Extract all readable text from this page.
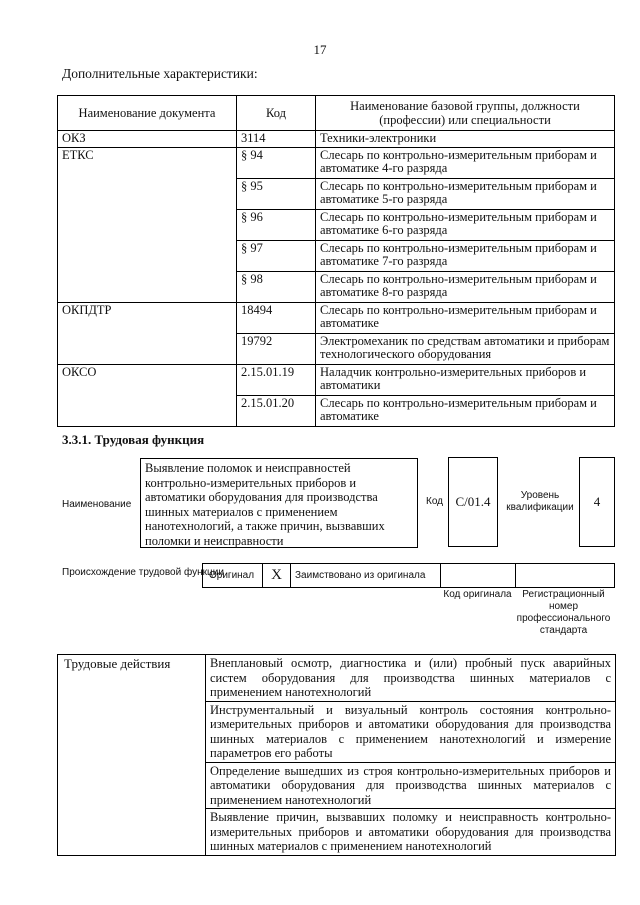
17
Дополнительные характеристики:
Наименование документа	Код	Наименование базовой группы, должности (профессии) или специальности
ОКЗ	3114	Техники-электроники
ЕТКС	§ 94	Слесарь по контрольно-измерительным приборам и автоматике 4-го разряда
	§ 95	Слесарь по контрольно-измерительным приборам и автоматике 5-го разряда
	§ 96	Слесарь по контрольно-измерительным приборам и автоматике 6-го разряда
	§ 97	Слесарь по контрольно-измерительным приборам и автоматике 7-го разряда
	§ 98	Слесарь по контрольно-измерительным приборам и автоматике 8-го разряда
ОКПДТР	18494	Слесарь по контрольно-измерительным приборам и автоматике
	19792	Электромеханик по средствам автоматики и приборам технологического оборудования
ОКСО	2.15.01.19	Наладчик контрольно-измерительных приборов и автоматики
	2.15.01.20	Слесарь по контрольно-измерительным приборам и автоматике
3.3.1. Трудовая функция
Наименование
Выявление поломок и неисправностей контрольно-измерительных приборов и автоматики оборудования для производства шинных материалов с применением нанотехнологий, а также причин, вызвавших поломки и неисправности
Код C/01.4	Уровень квалификации	4
Происхождение трудовой функции
Оригинал	X	Заимствовано из оригинала
Код оригинала	Регистрационный номер профессионального стандарта
Трудовые действия	Внеплановый осмотр, диагностика и (или) пробный пуск аварийных систем оборудования для производства шинных материалов с применением нанотехнологий
Инструментальный и визуальный контроль состояния контрольно-измерительных приборов и автоматики оборудования для производства шинных материалов с применением нанотехнологий и измерение параметров его работы
Определение вышедших из строя контрольно-измерительных приборов и автоматики оборудования для производства шинных материалов с применением нанотехнологий
Выявление причин, вызвавших поломку и неисправность контрольно-измерительных приборов и автоматики оборудования для производства шинных материалов с применением нанотехнологий
